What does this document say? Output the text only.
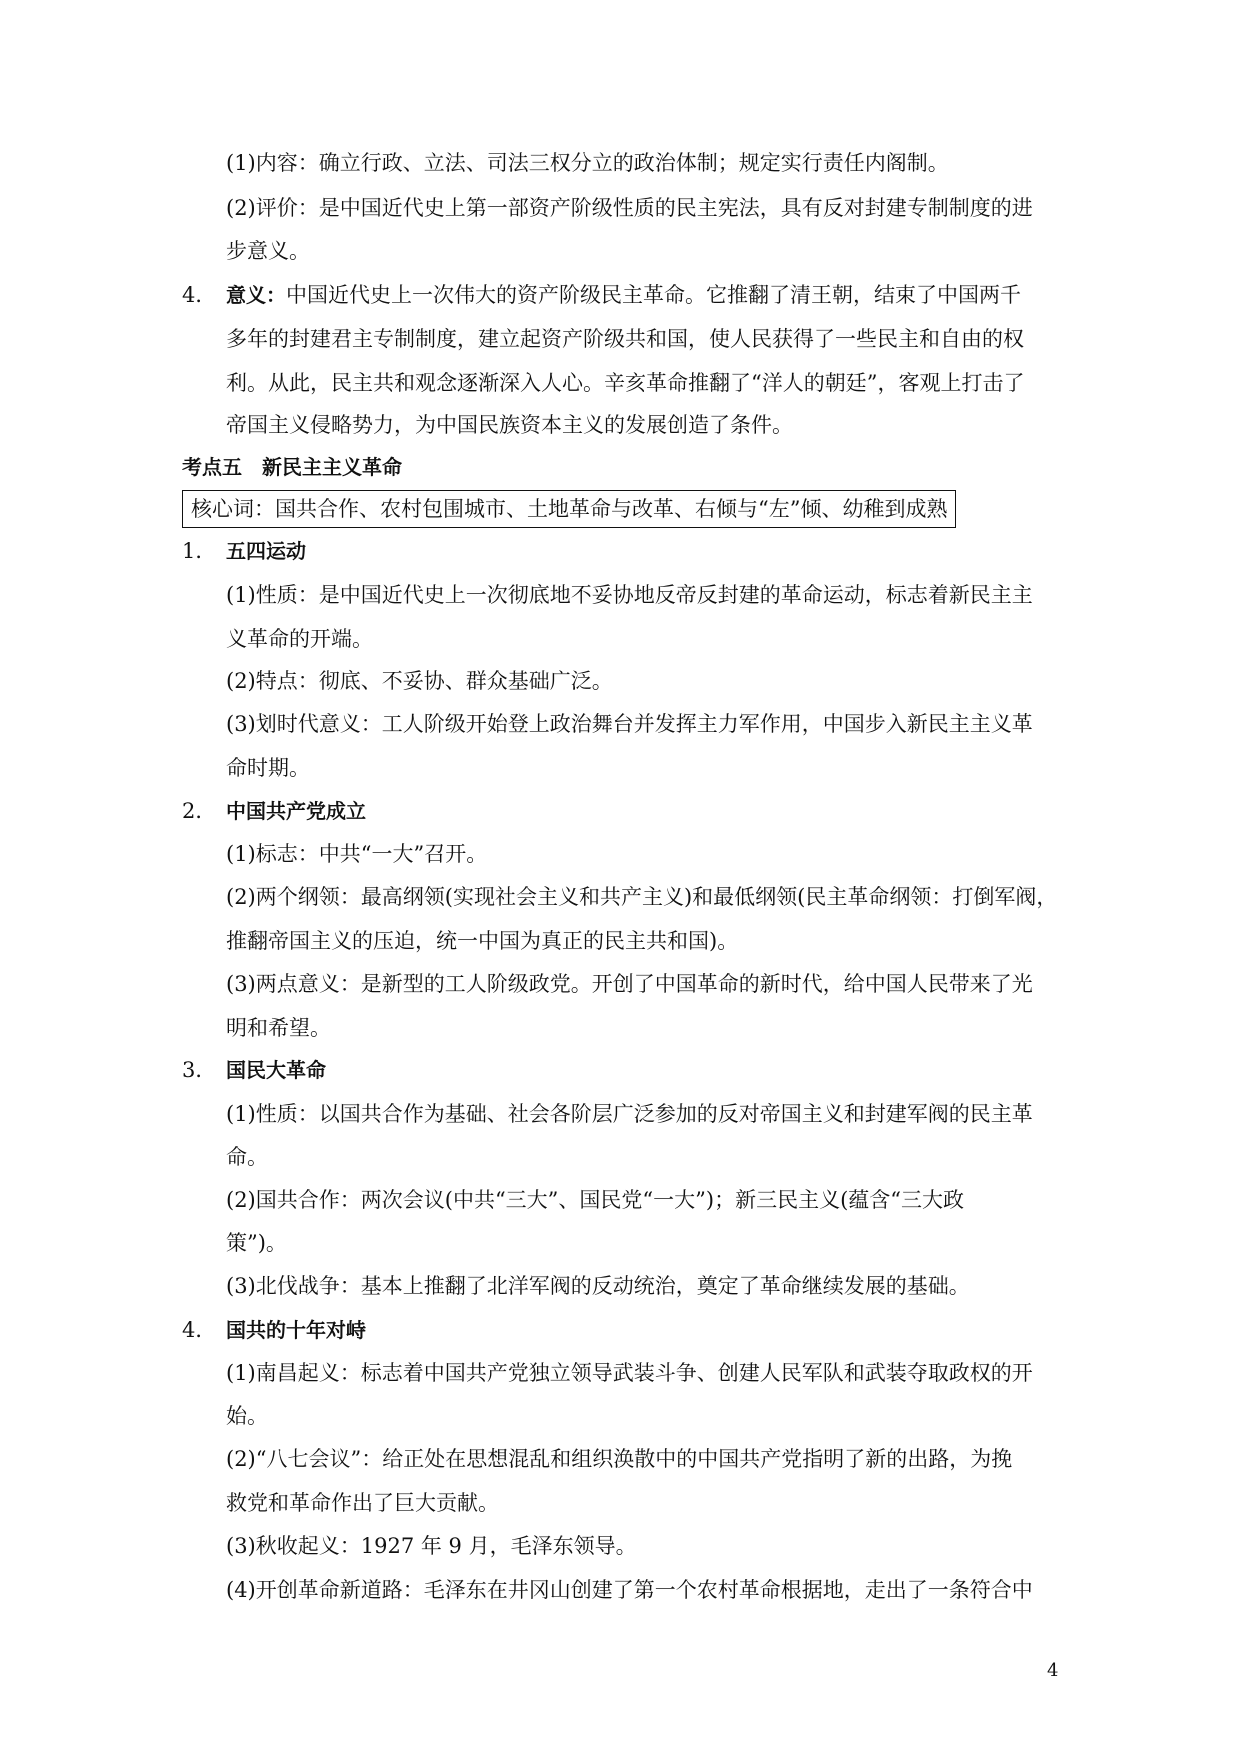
(1)内容：确立行政、立法、司法三权分立的政治体制；规定实行责任内阁制。
(2)评价：是中国近代史上第一部资产阶级性质的民主宪法，具有反对封建专制制度的进
步意义。
4． 意义：中国近代史上一次伟大的资产阶级民主革命。它推翻了清王朝，结束了中国两千
多年的封建君主专制制度，建立起资产阶级共和国，使人民获得了一些民主和自由的权
利。从此，民主共和观念逐渐深入人心。辛亥革命推翻了“洋人的朝廷”，客观上打击了
帝国主义侵略势力，为中国民族资本主义的发展创造了条件。
考点五　新民主主义革命
核心词：国共合作、农村包围城市、土地革命与改革、右倾与“左”倾、幼稚到成熟
1． 五四运动
(1)性质：是中国近代史上一次彻底地不妥协地反帝反封建的革命运动，标志着新民主主
义革命的开端。
(2)特点：彻底、不妥协、群众基础广泛。
(3)划时代意义：工人阶级开始登上政治舞台并发挥主力军作用，中国步入新民主主义革
命时期。
2． 中国共产党成立
(1)标志：中共“一大”召开。
(2)两个纲领：最高纲领(实现社会主义和共产主义)和最低纲领(民主革命纲领：打倒军阀，
推翻帝国主义的压迫，统一中国为真正的民主共和国)。
(3)两点意义：是新型的工人阶级政党。开创了中国革命的新时代，给中国人民带来了光
明和希望。
3． 国民大革命
(1)性质：以国共合作为基础、社会各阶层广泛参加的反对帝国主义和封建军阀的民主革
命。
(2)国共合作：两次会议(中共“三大”、国民党“一大”)；新三民主义(蕴含“三大政
策”)。
(3)北伐战争：基本上推翻了北洋军阀的反动统治，奠定了革命继续发展的基础。
4． 国共的十年对峙
(1)南昌起义：标志着中国共产党独立领导武装斗争、创建人民军队和武装夺取政权的开
始。
(2)“八七会议”：给正处在思想混乱和组织涣散中的中国共产党指明了新的出路，为挽
救党和革命作出了巨大贡献。
(3)秋收起义：1927 年 9 月，毛泽东领导。
(4)开创革命新道路：毛泽东在井冈山创建了第一个农村革命根据地，走出了一条符合中
4
